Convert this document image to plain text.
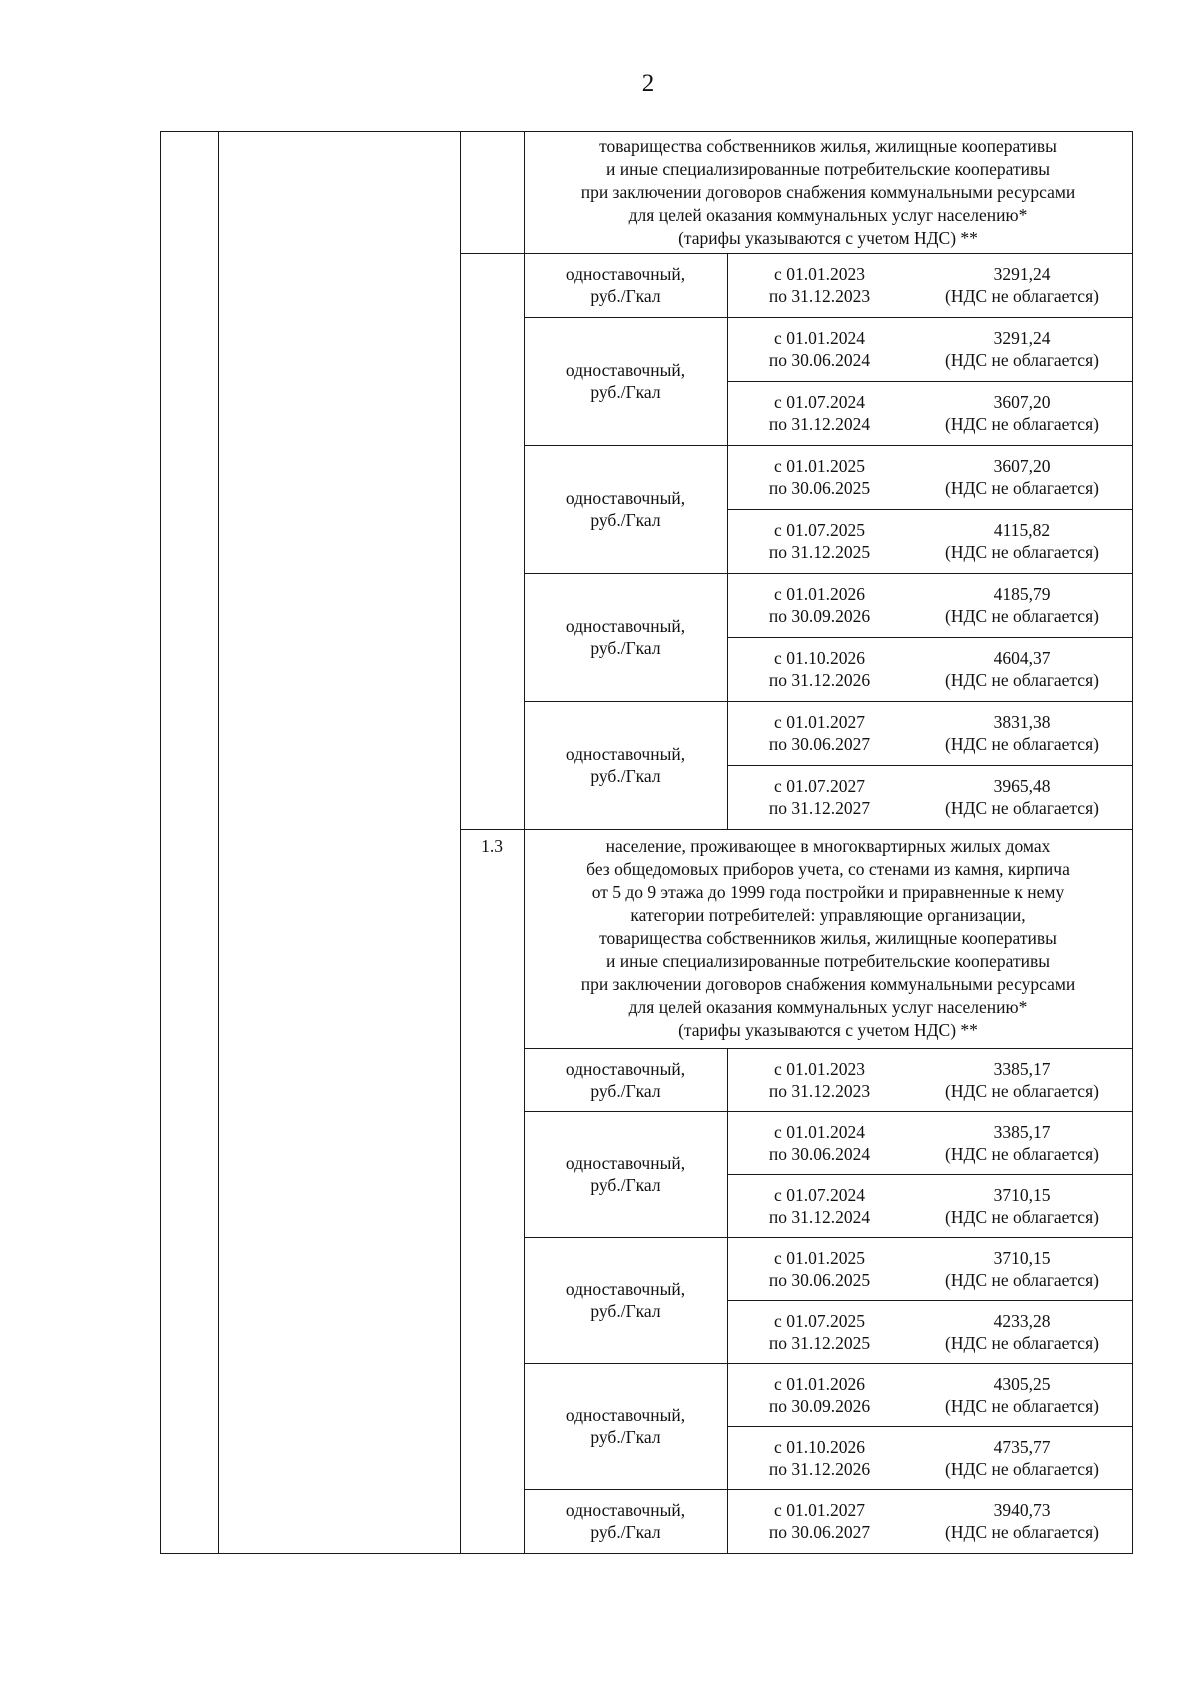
2
товарищества собственников жилья, жилищные кооперативы
и иные специализированные потребительские кооперативы
при заключении договоров снабжения коммунальными ресурсами
для целей оказания коммунальных услуг населению*
(тарифы указываются с учетом НДС) **
с 01.01.2023
по 31.12.2023
3291,24
(НДС не облагается)
одноставочный,
руб./Гкал
с 01.01.2024
по 30.06.2024
3291,24
(НДС не облагается)
с 01.07.2024
по 31.12.2024
3607,20
(НДС не облагается)
одноставочный,
руб./Гкал
с 01.01.2025
по 30.06.2025
3607,20
(НДС не облагается)
с 01.07.2025
по 31.12.2025
4115,82
(НДС не облагается)
одноставочный,
руб./Гкал
с 01.01.2026
по 30.09.2026
4185,79
(НДС не облагается)
с 01.10.2026
по 31.12.2026
4604,37
(НДС не облагается)
одноставочный,
руб./Гкал
с 01.01.2027
по 30.06.2027
3831,38
(НДС не облагается)
с 01.07.2027
по 31.12.2027
3965,48
(НДС не облагается)
одноставочный,
руб./Гкал
1.3	население, проживающее в многоквартирных жилых домах
без общедомовых приборов учета, со стенами из камня, кирпича
от 5 до 9 этажа до 1999 года постройки и приравненные к нему
категории потребителей: управляющие организации,
товарищества собственников жилья, жилищные кооперативы
и иные специализированные потребительские кооперативы
при заключении договоров снабжения коммунальными ресурсами
для целей оказания коммунальных услуг населению*
(тарифы указываются с учетом НДС) **
с 01.01.2023
по 31.12.2023
3385,17
(НДС не облагается)
одноставочный,
руб./Гкал
с 01.01.2024
по 30.06.2024
3385,17
(НДС не облагается)
с 01.07.2024
по 31.12.2024
3710,15
(НДС не облагается)
одноставочный,
руб./Гкал
с 01.01.2025
по 30.06.2025
3710,15
(НДС не облагается)
с 01.07.2025
по 31.12.2025
4233,28
(НДС не облагается)
одноставочный,
руб./Гкал
с 01.01.2026
по 30.09.2026
4305,25
(НДС не облагается)
с 01.10.2026
по 31.12.2026
4735,77
(НДС не облагается)
одноставочный,
руб./Гкал
с 01.01.2027
по 30.06.2027
3940,73
(НДС не облагается)
одноставочный,
руб./Гкал
